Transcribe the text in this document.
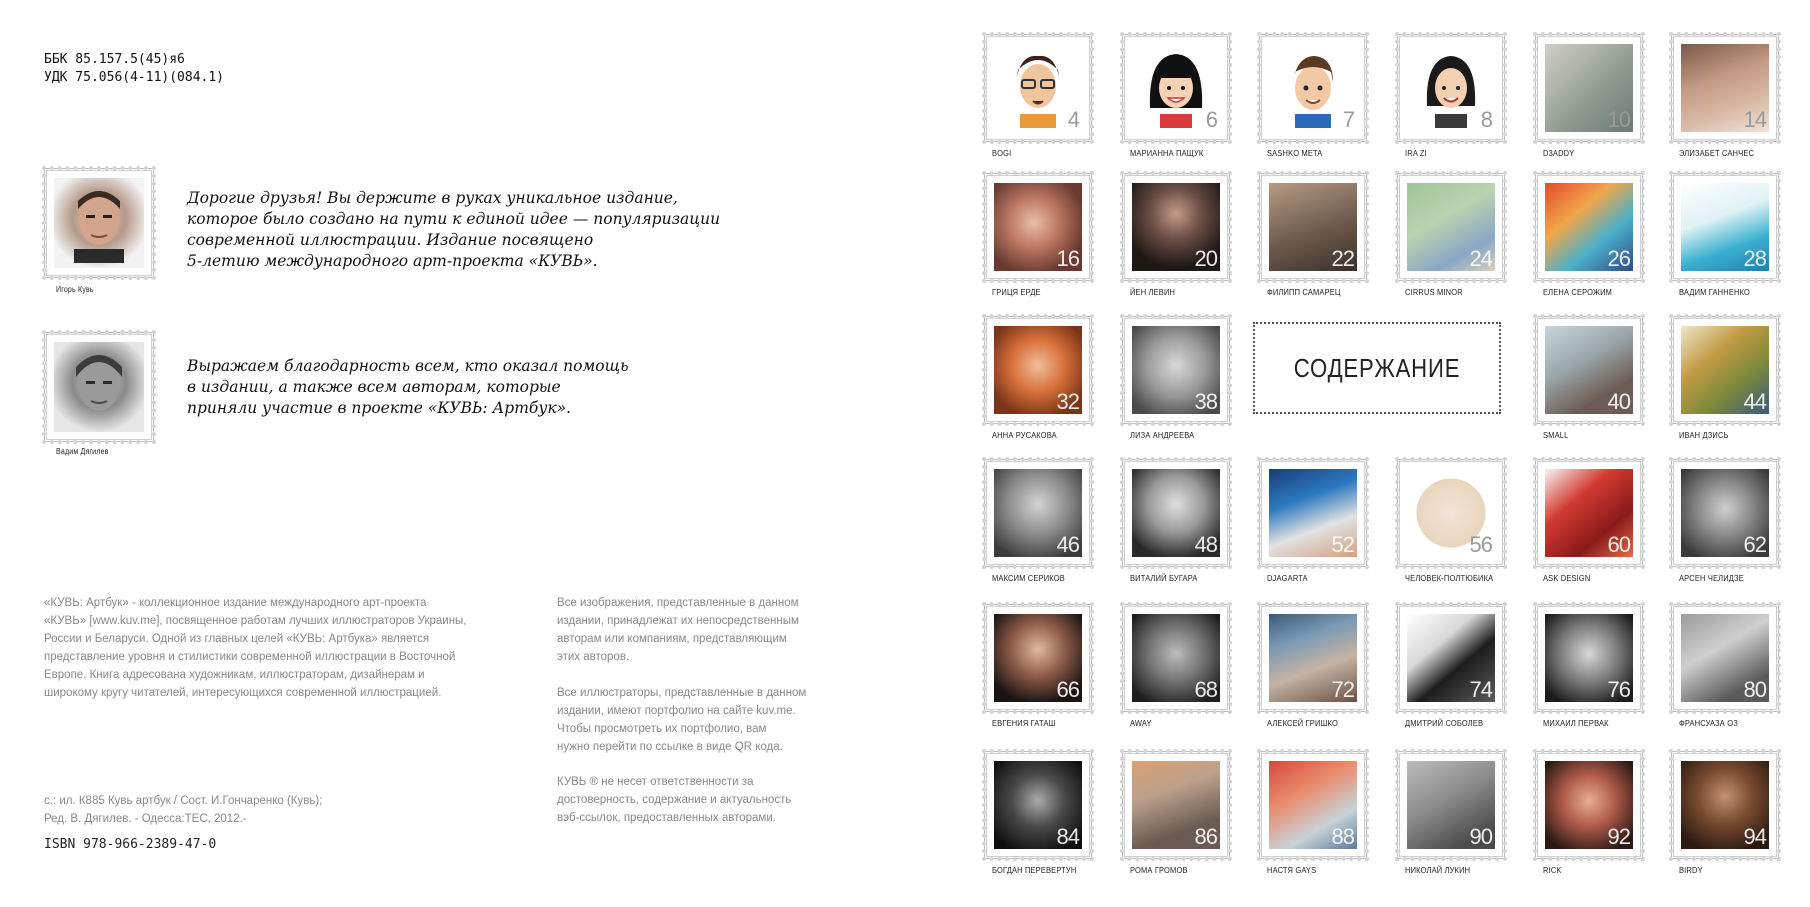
ББК 85.157.5(45)я6
УДК 75.056(4-11)(084.1)
Игорь Кувь
Дорогие друзья! Вы держите в руках уникальное издание,
которое было создано на пути к единой идее — популяризации
современной иллюстрации. Издание посвящено
5-летию международного арт-проекта «КУВЬ».
Вадим Дягилев
Выражаем благодарность всем, кто оказал помощь
в издании, а также всем авторам, которые
приняли участие в проекте «КУВЬ: Артбук».
«КУВЬ: Артбук» - коллекционное издание международного арт-проекта
«КУВЬ» [www.kuv.me], посвященное работам лучших иллюстраторов Украины,
России и Беларуси. Одной из главных целей «КУВЬ: Артбука» является
представление уровня и стилистики современной иллюстрации в Восточной
Европе. Книга адресована художникам, иллюстраторам, дизайнерам и
широкому кругу читателей, интересующихся современной иллюстрацией.
Все изображения, представленные в данном
издании, принадлежат их непосредственным
авторам или компаниям, представляющим
этих авторов.
Все иллюстраторы, представленные в данном
издании, имеют портфолио на сайте kuv.me.
Чтобы просмотреть их портфолио, вам
нужно перейти по ссылке в виде QR кода.
КУВЬ ® не несет ответственности за
достоверность, содержание и актуальность
вэб-ссылок, предоставленных авторами.
с.: ил. К885 Кувь артбук / Сост. И.Гончаренко (Кувь);
Ред. В. Дягилев. - Одесса:ТЕС, 2012.-
ISBN 978-966-2389-47-0
СОДЕРЖАНИЕ
4
BOGI
6
МАРИАННА ПАЩУК
7
SASHKO META
8
IRA ZI
10
D3ADDY
14
ЭЛИЗАБЕТ САНЧЕС
16
ГРИЦЯ ЕРДЕ
20
ЙЕН ЛЕВИН
22
ФИЛИПП САМАРЕЦ
24
CIRRUS MINOR
26
ЕЛЕНА СЕРОЖИМ
28
ВАДИМ ГАННЕНКО
32
АННА РУСАКОВА
38
ЛИЗА АНДРЕЕВА
40
SMALL
44
ИВАН ДЗИСЬ
46
МАКСИМ СЕРИКОВ
48
ВИТАЛИЙ БУГАРА
52
DJAGARTA
56
ЧЕЛОВЕК-ПОЛТЮБИКА
60
ASK DESIGN
62
АРСЕН ЧЕЛИДЗЕ
66
ЕВГЕНИЯ ГАТАШ
68
AWAY
72
АЛЕКСЕЙ ГРИШКО
74
ДМИТРИЙ СОБОЛЕВ
76
МИХАИЛ ПЕРВАК
80
ФРАНСУАЗА ОЗ
84
БОГДАН ПЕРЕВЕРТУН
86
РОМА ГРОМОВ
88
НАСТЯ GAYS
90
НИКОЛАЙ ЛУКИН
92
RICK
94
BIRDY
